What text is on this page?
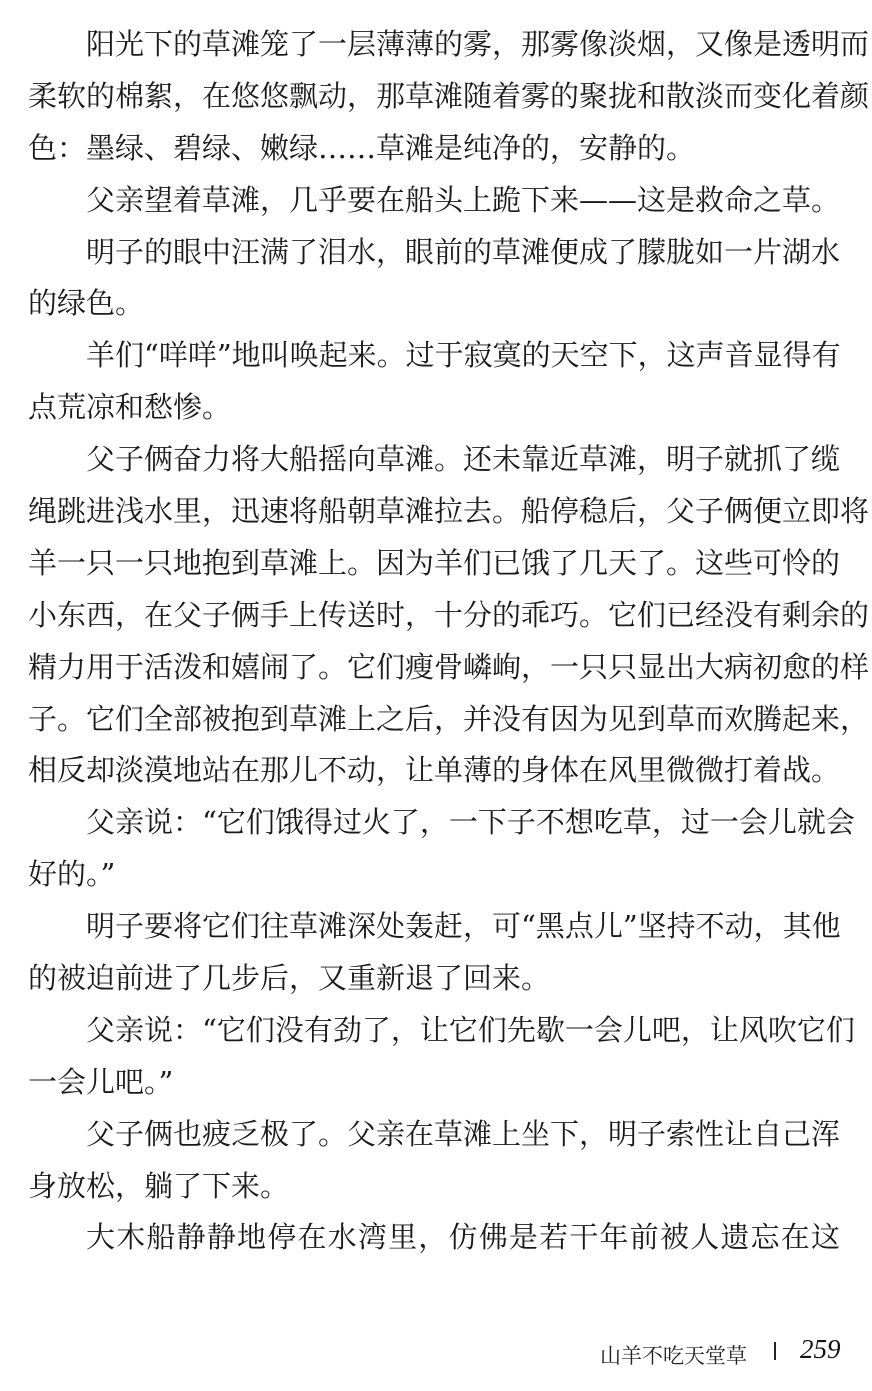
阳光下的草滩笼了一层薄薄的雾，那雾像淡烟，又像是透明而
柔软的棉絮，在悠悠飘动，那草滩随着雾的聚拢和散淡而变化着颜
色：墨绿、碧绿、嫩绿……草滩是纯净的，安静的。
父亲望着草滩，几乎要在船头上跪下来——这是救命之草。
明子的眼中汪满了泪水，眼前的草滩便成了朦胧如一片湖水
的绿色。
羊们“咩咩”地叫唤起来。过于寂寞的天空下，这声音显得有
点荒凉和愁惨。
父子俩奋力将大船摇向草滩。还未靠近草滩，明子就抓了缆
绳跳进浅水里，迅速将船朝草滩拉去。船停稳后，父子俩便立即将
羊一只一只地抱到草滩上。因为羊们已饿了几天了。这些可怜的
小东西，在父子俩手上传送时，十分的乖巧。它们已经没有剩余的
精力用于活泼和嬉闹了。它们瘦骨嶙峋，一只只显出大病初愈的样
子。它们全部被抱到草滩上之后，并没有因为见到草而欢腾起来，
相反却淡漠地站在那儿不动，让单薄的身体在风里微微打着战。
父亲说：“它们饿得过火了，一下子不想吃草，过一会儿就会
好的。”
明子要将它们往草滩深处轰赶，可“黑点儿”坚持不动，其他
的被迫前进了几步后，又重新退了回来。
父亲说：“它们没有劲了，让它们先歇一会儿吧，让风吹它们
一会儿吧。”
父子俩也疲乏极了。父亲在草滩上坐下，明子索性让自己浑
身放松，躺了下来。
大木船静静地停在水湾里，仿佛是若干年前被人遗忘在这
山羊不吃天堂草 259
